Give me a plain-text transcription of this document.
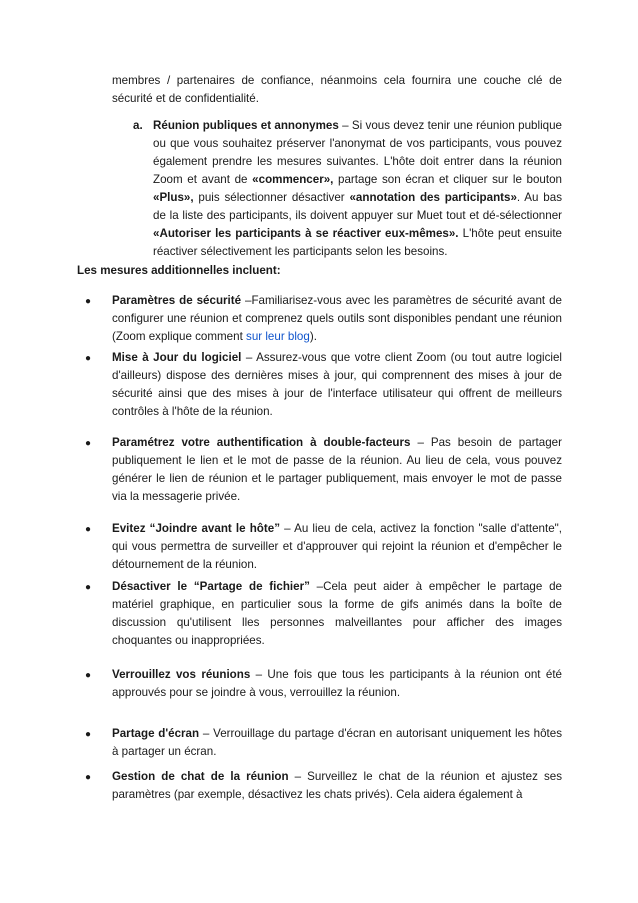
membres / partenaires de confiance, néanmoins cela fournira une couche clé de sécurité et de confidentialité.

a. Réunion publiques et annonymes – Si vous devez tenir une réunion publique ou que vous souhaitez préserver l'anonymat de vos participants, vous pouvez également prendre les mesures suivantes. L'hôte doit entrer dans la réunion Zoom et avant de «commencer», partage son écran et cliquer sur le bouton «Plus», puis sélectionner désactiver «annotation des participants». Au bas de la liste des participants, ils doivent appuyer sur Muet tout et dé-sélectionner «Autoriser les participants à se réactiver eux-mêmes». L'hôte peut ensuite réactiver sélectivement les participants selon les besoins.

Les mesures additionnelles incluent:

●	Paramètres de sécurité –Familiarisez-vous avec les paramètres de sécurité avant de configurer une réunion et comprenez quels outils sont disponibles pendant une réunion (Zoom explique comment sur leur blog).

●	Mise à Jour du logiciel – Assurez-vous que votre client Zoom (ou tout autre logiciel d'ailleurs) dispose des dernières mises à jour, qui comprennent des mises à jour de sécurité ainsi que des mises à jour de l'interface utilisateur qui offrent de meilleurs contrôles à l'hôte de la réunion.

●	Paramétrez votre authentification à double-facteurs – Pas besoin de partager publiquement le lien et le mot de passe de la réunion. Au lieu de cela, vous pouvez générer le lien de réunion et le partager publiquement, mais envoyer le mot de passe via la messagerie privée.

●	Evitez “Joindre avant le hôte” – Au lieu de cela, activez la fonction "salle d'attente", qui vous permettra de surveiller et d'approuver qui rejoint la réunion et d'empêcher le détournement de la réunion.

●	Désactiver le “Partage de fichier” –Cela peut aider à empêcher le partage de matériel graphique, en particulier sous la forme de gifs animés dans la boîte de discussion qu'utilisent lles personnes malveillantes pour afficher des images choquantes ou inappropriées.

●	Verrouillez vos réunions – Une fois que tous les participants à la réunion ont été approuvés pour se joindre à vous, verrouillez la réunion.

●	Partage d'écran – Verrouillage du partage d'écran en autorisant uniquement les hôtes à partager un écran.

●	Gestion de chat de la réunion – Surveillez le chat de la réunion et ajustez ses paramètres (par exemple, désactivez les chats privés). Cela aidera également à
